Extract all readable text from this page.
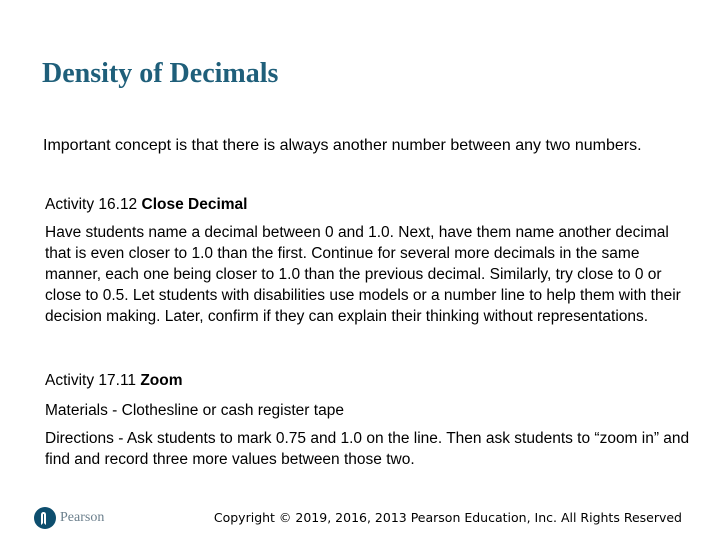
Density of Decimals

Important concept is that there is always another number between any two numbers.

Activity 16.12 Close Decimal

Have students name a decimal between 0 and 1.0. Next, have them name another decimal that is even closer to 1.0 than the first. Continue for several more decimals in the same manner, each one being closer to 1.0 than the previous decimal. Similarly, try close to 0 or close to 0.5. Let students with disabilities use models or a number line to help them with their decision making. Later, confirm if they can explain their thinking without representations.

Activity 17.11 Zoom

Materials - Clothesline or cash register tape

Directions - Ask students to mark 0.75 and 1.0 on the line. Then ask students to “zoom in” and find and record three more values between those two.

Pearson	Copyright © 2019, 2016, 2013 Pearson Education, Inc. All Rights Reserved
